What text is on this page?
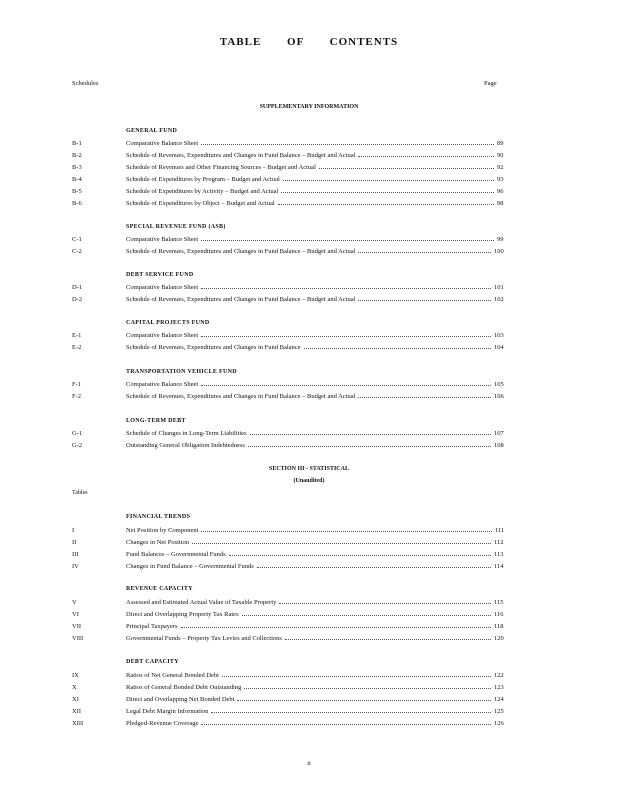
TABLE OF CONTENTS
Schedules	Page
SUPPLEMENTARY INFORMATION
GENERAL FUND
B-1	Comparative Balance Sheet	89
B-2	Schedule of Revenues, Expenditures and Changes in Fund Balance – Budget and Actual	90
B-3	Schedule of Revenues and Other Financing Sources – Budget and Actual	92
B-4	Schedule of Expenditures by Program – Budget and Actual	93
B-5	Schedule of Expenditures by Activity – Budget and Actual	96
B-6	Schedule of Expenditures by Object – Budget and Actual	98
SPECIAL REVENUE FUND (ASB)
C-1	Comparative Balance Sheet	99
C-2	Schedule of Revenues, Expenditures and Changes in Fund Balance – Budget and Actual	100
DEBT SERVICE FUND
D-1	Comparative Balance Sheet	101
D-2	Schedule of Revenues, Expenditures and Changes in Fund Balance – Budget and Actual	102
CAPITAL PROJECTS FUND
E-1	Comparative Balance Sheet	103
E-2	Schedule of Revenues, Expenditures and Changes in Fund Balance	104
TRANSPORTATION VEHICLE FUND
F-1	Comparative Balance Sheet	105
F-2	Schedule of Revenues, Expenditures and Changes in Fund Balance – Budget and Actual	106
LONG-TERM DEBT
G-1	Schedule of Changes in Long-Term Liabilities	107
G-2	Outstanding General Obligation Indebtedness	108
SECTION III - STATISTICAL
(Unaudited)
Tables
FINANCIAL TRENDS
I	Net Position by Component	111
II	Changes in Net Position	112
III	Fund Balances – Governmental Funds	113
IV	Changes in Fund Balance – Governmental Funds	114
REVENUE CAPACITY
V	Assessed and Estimated Actual Value of Taxable Property	115
VI	Direct and Overlapping Property Tax Rates	116
VII	Principal Taxpayers	118
VIII	Governmental Funds – Property Tax Levies and Collections	120
DEBT CAPACITY
IX	Ratios of Net General Bonded Debt	122
X	Ratios of General Bonded Debt Outstanding	123
XI	Direct and Overlapping Net Bonded Debt	124
XII	Legal Debt Margin Information	125
XIII	Pledged-Revenue Coverage	126
ii
